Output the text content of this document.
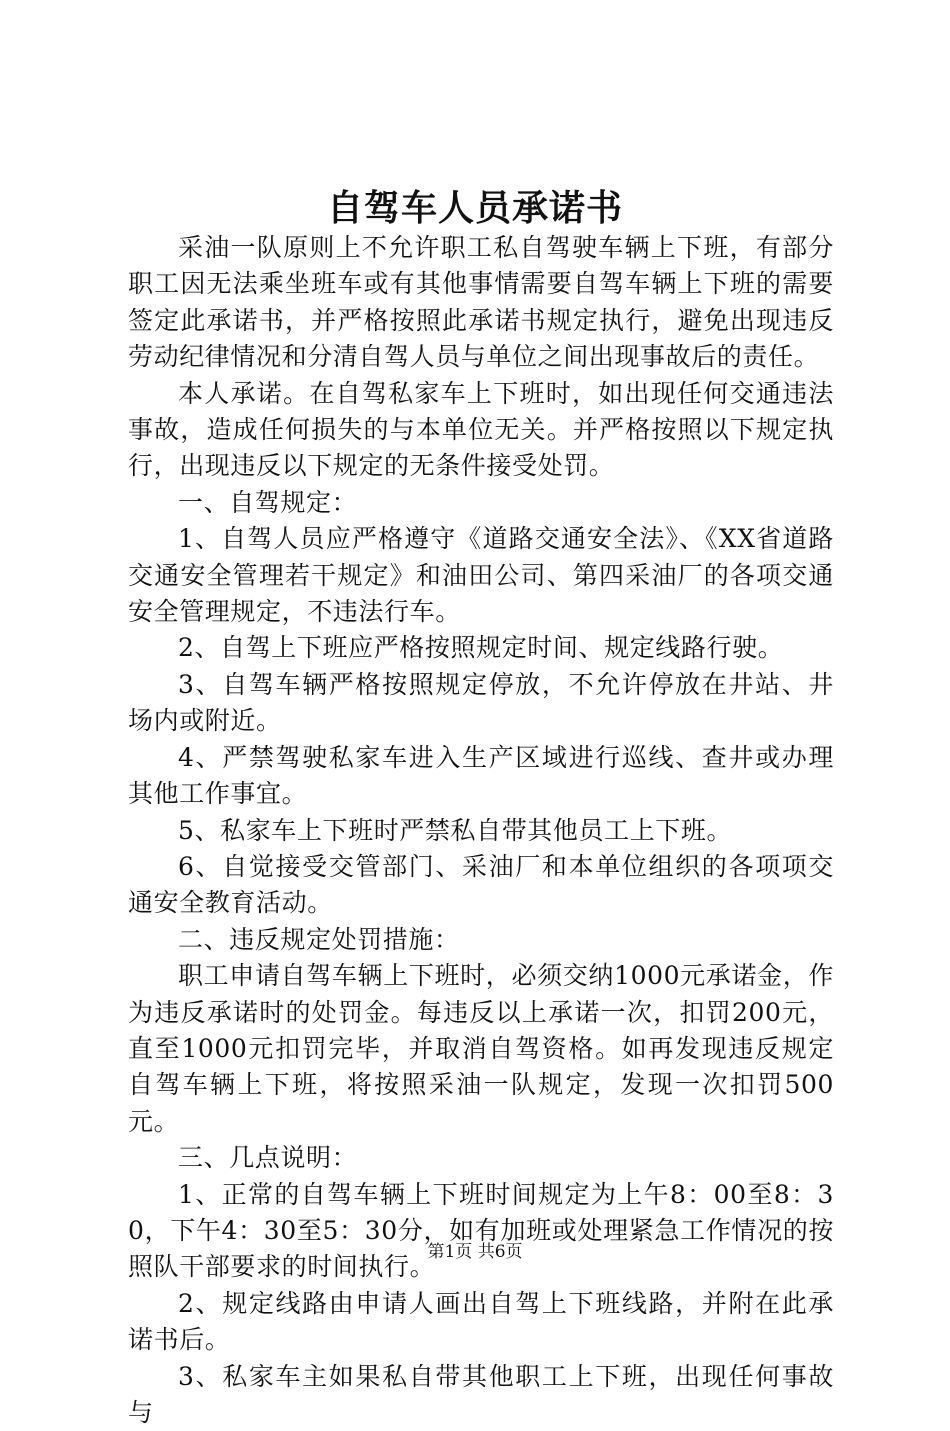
自驾车人员承诺书

采油一队原则上不允许职工私自驾驶车辆上下班，有部分职工因无法乘坐班车或有其他事情需要自驾车辆上下班的需要签定此承诺书，并严格按照此承诺书规定执行，避免出现违反劳动纪律情况和分清自驾人员与单位之间出现事故后的责任。

本人承诺。在自驾私家车上下班时，如出现任何交通违法事故，造成任何损失的与本单位无关。并严格按照以下规定执行，出现违反以下规定的无条件接受处罚。

一、自驾规定：

1、自驾人员应严格遵守《道路交通安全法》、《XX省道路交通安全管理若干规定》和油田公司、第四采油厂的各项交通安全管理规定，不违法行车。

2、自驾上下班应严格按照规定时间、规定线路行驶。

3、自驾车辆严格按照规定停放，不允许停放在井站、井场内或附近。

4、严禁驾驶私家车进入生产区域进行巡线、查井或办理其他工作事宜。

5、私家车上下班时严禁私自带其他员工上下班。

6、自觉接受交管部门、采油厂和本单位组织的各项项交通安全教育活动。

二、违反规定处罚措施：

职工申请自驾车辆上下班时，必须交纳1000元承诺金，作为违反承诺时的处罚金。每违反以上承诺一次，扣罚200元，直至1000元扣罚完毕，并取消自驾资格。如再发现违反规定自驾车辆上下班，将按照采油一队规定，发现一次扣罚500元。

三、几点说明：

1、正常的自驾车辆上下班时间规定为上午8：00至8：30，下午4：30至5：30分，如有加班或处理紧急工作情况的按照队干部要求的时间执行。

2、规定线路由申请人画出自驾上下班线路，并附在此承诺书后。

3、私家车主如果私自带其他职工上下班，出现任何事故与

第1页 共6页
